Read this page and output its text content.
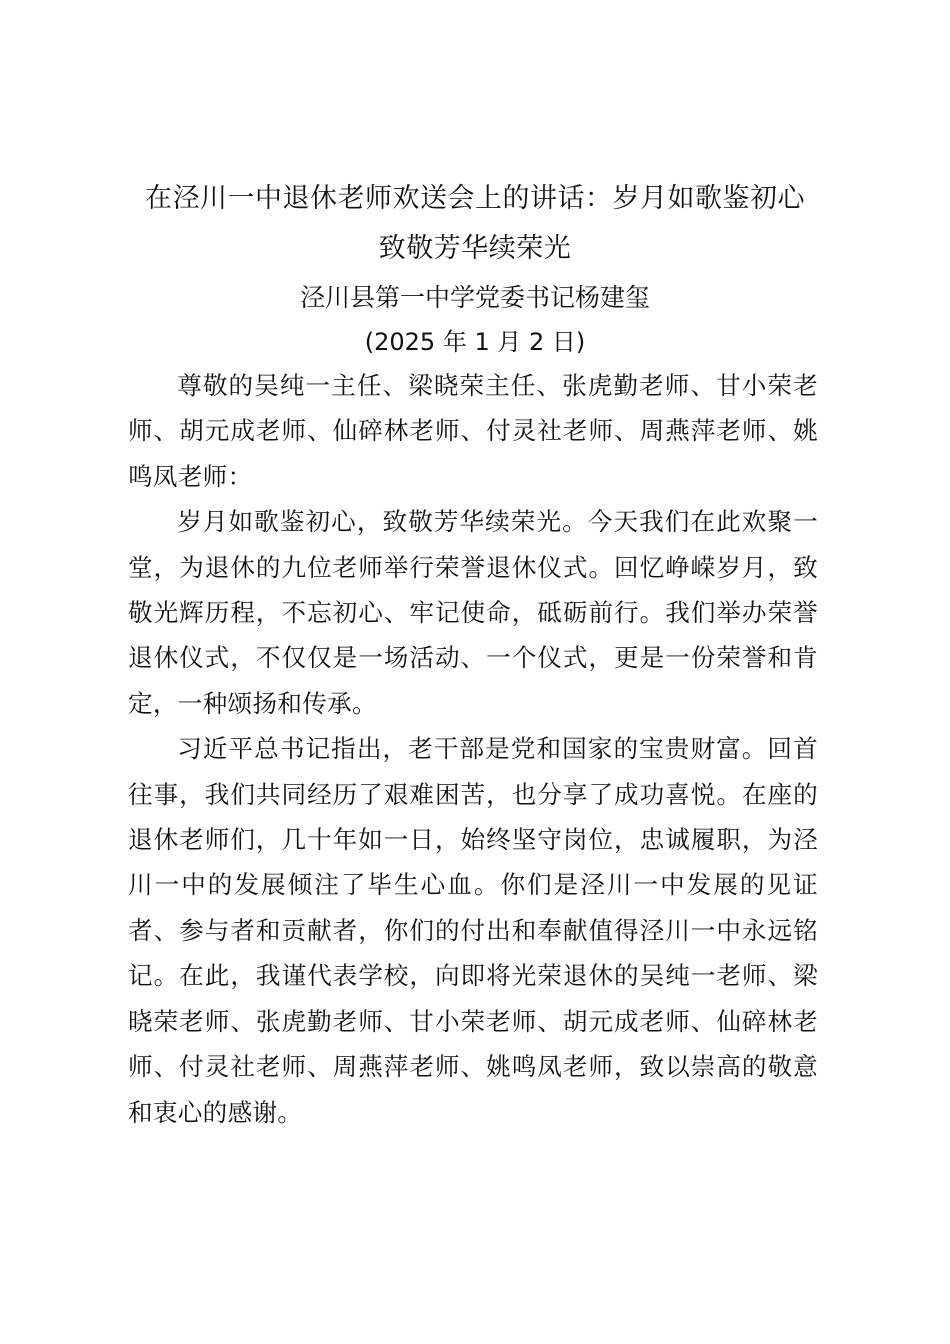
在泾川一中退休老师欢送会上的讲话：岁月如歌鉴初心
致敬芳华续荣光
泾川县第一中学党委书记杨建玺
(2025 年 1 月 2 日)

尊敬的吴纯一主任、梁晓荣主任、张虎勤老师、甘小荣老师、胡元成老师、仙碎林老师、付灵社老师、周燕萍老师、姚鸣凤老师：

岁月如歌鉴初心，致敬芳华续荣光。今天我们在此欢聚一堂，为退休的九位老师举行荣誉退休仪式。回忆峥嵘岁月，致敬光辉历程，不忘初心、牢记使命，砥砺前行。我们举办荣誉退休仪式，不仅仅是一场活动、一个仪式，更是一份荣誉和肯定，一种颂扬和传承。

习近平总书记指出，老干部是党和国家的宝贵财富。回首往事，我们共同经历了艰难困苦，也分享了成功喜悦。在座的退休老师们，几十年如一日，始终坚守岗位，忠诚履职，为泾川一中的发展倾注了毕生心血。你们是泾川一中发展的见证者、参与者和贡献者，你们的付出和奉献值得泾川一中永远铭记。在此，我谨代表学校，向即将光荣退休的吴纯一老师、梁晓荣老师、张虎勤老师、甘小荣老师、胡元成老师、仙碎林老师、付灵社老师、周燕萍老师、姚鸣凤老师，致以崇高的敬意和衷心的感谢。
